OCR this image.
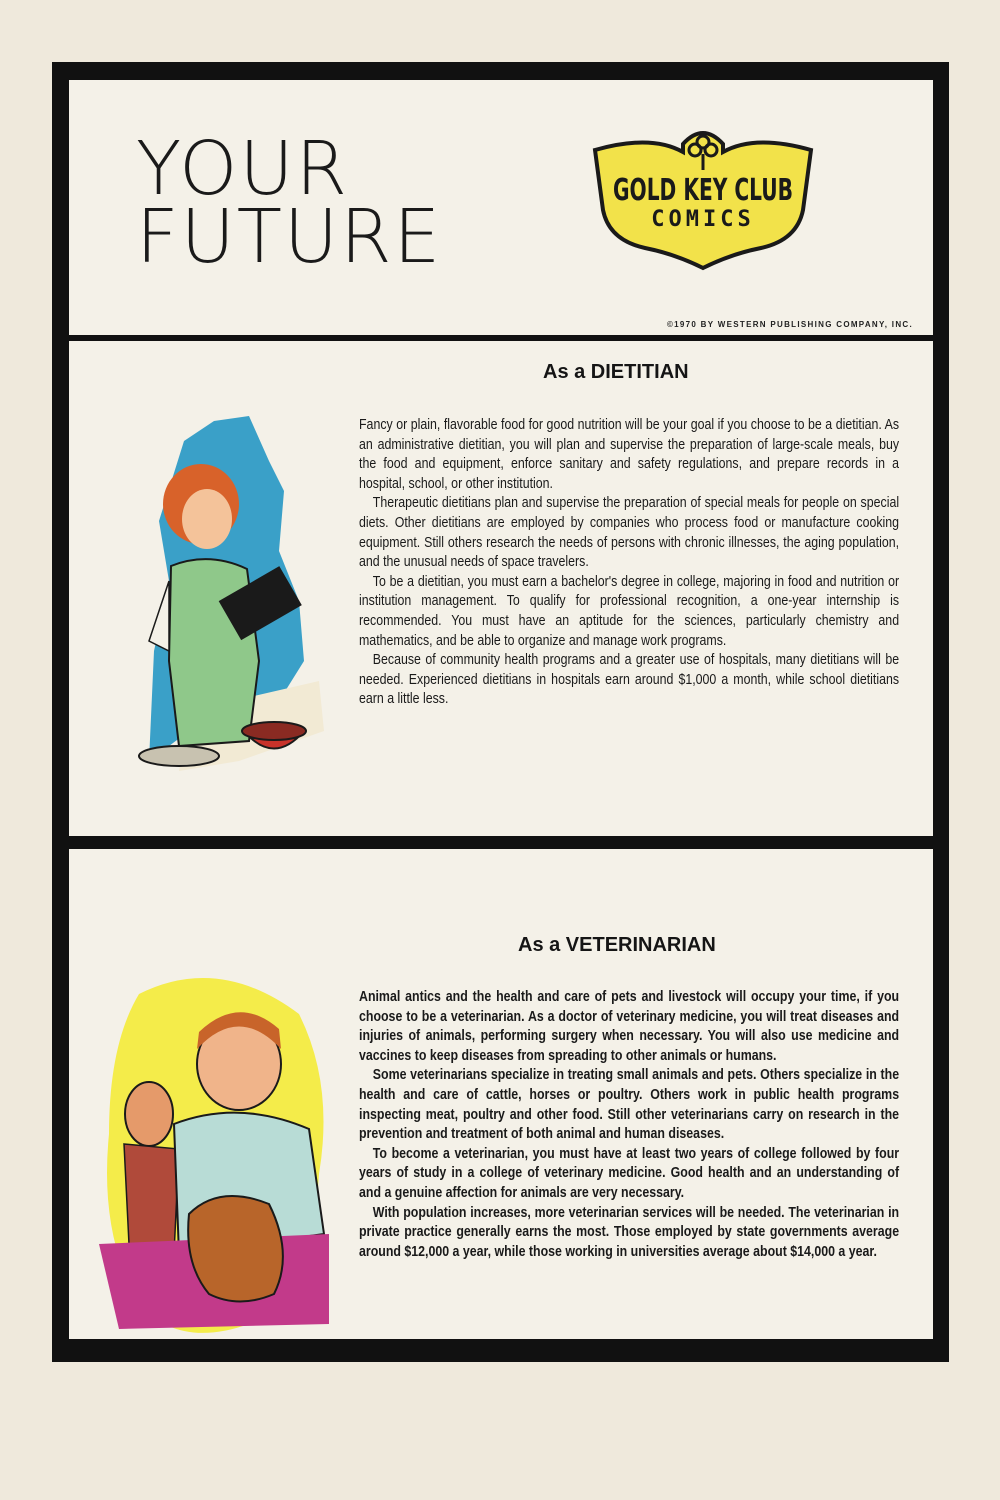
YOUR
FUTURE
GOLD KEY CLUB
COMICS

©1970 BY WESTERN PUBLISHING COMPANY, INC.

As a DIETITIAN

Fancy or plain, flavorable food for good nutrition will be your goal if you choose to be a dietitian. As an administrative dietitian, you will plan and supervise the preparation of large-scale meals, buy the food and equipment, enforce sanitary and safety regulations, and prepare records in a hospital, school, or other institution.

Therapeutic dietitians plan and supervise the preparation of special meals for people on special diets. Other dietitians are employed by companies who process food or manufacture cooking equipment. Still others research the needs of persons with chronic illnesses, the aging population, and the unusual needs of space travelers.

To be a dietitian, you must earn a bachelor's degree in college, majoring in food and nutrition or institution management. To qualify for professional recognition, a one-year internship is recommended. You must have an aptitude for the sciences, particularly chemistry and mathematics, and be able to organize and manage work programs.

Because of community health programs and a greater use of hospitals, many dietitians will be needed. Experienced dietitians in hospitals earn around $1,000 a month, while school dietitians earn a little less.

As a VETERINARIAN

Animal antics and the health and care of pets and livestock will occupy your time, if you choose to be a veterinarian. As a doctor of veterinary medicine, you will treat diseases and injuries of animals, performing surgery when necessary. You will also use medicine and vaccines to keep diseases from spreading to other animals or humans.

Some veterinarians specialize in treating small animals and pets. Others specialize in the health and care of cattle, horses or poultry. Others work in public health programs inspecting meat, poultry and other food. Still other veterinarians carry on research in the prevention and treatment of both animal and human diseases.

To become a veterinarian, you must have at least two years of college followed by four years of study in a college of veterinary medicine. Good health and an understanding of and a genuine affection for animals are very necessary.

With population increases, more veterinarian services will be needed. The veterinarian in private practice generally earns the most. Those employed by state governments average around $12,000 a year, while those working in universities average about $14,000 a year.
